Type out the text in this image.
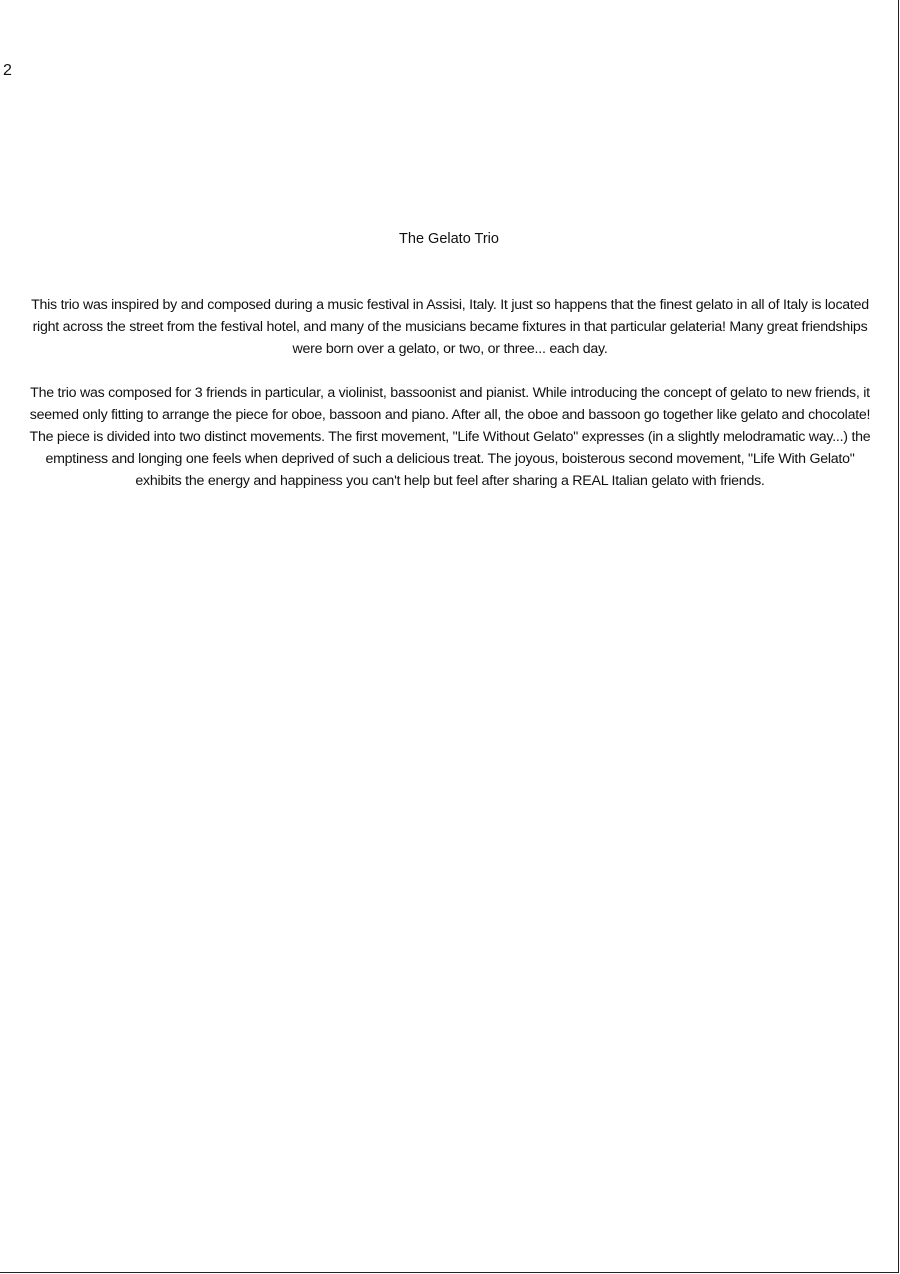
2
The Gelato Trio

This trio was inspired by and composed during a music festival in Assisi, Italy. It just so happens that the finest gelato in all of Italy is located right across the street from the festival hotel, and many of the musicians became fixtures in that particular gelateria! Many great friendships were born over a gelato, or two, or three... each day.

The trio was composed for 3 friends in particular, a violinist, bassoonist and pianist. While introducing the concept of gelato to new friends, it seemed only fitting to arrange the piece for oboe, bassoon and piano. After all, the oboe and bassoon go together like gelato and chocolate! The piece is divided into two distinct movements. The first movement, "Life Without Gelato" expresses (in a slightly melodramatic way...) the emptiness and longing one feels when deprived of such a delicious treat. The joyous, boisterous second movement, "Life With Gelato" exhibits the energy and happiness you can't help but feel after sharing a REAL Italian gelato with friends.
